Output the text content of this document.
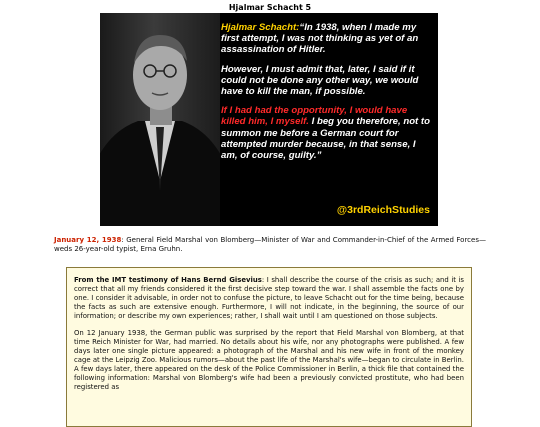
Hjalmar Schacht 5

Hjalmar Schacht:“In 1938, when I made my first attempt, I was not thinking as yet of an assassination of Hitler.

However, I must admit that, later, I said if it could not be done any other way, we would have to kill the man, if possible.

If I had had the opportunity, I would have killed him, I myself. I beg you therefore, not to summon me before a German court for attempted murder because, in that sense, I am, of course, guilty.”

@3rdReichStudies

January 12, 1938: General Field Marshal von Blomberg—Minister of War and Commander-in-Chief of the Armed Forces—weds 26-year-old typist, Erna Gruhn.

From the IMT testimony of Hans Bernd Gisevius: I shall describe the course of the crisis as such; and it is correct that all my friends considered it the first decisive step toward the war. I shall assemble the facts one by one. I consider it advisable, in order not to confuse the picture, to leave Schacht out for the time being, because the facts as such are extensive enough. Furthermore, I will not indicate, in the beginning, the source of our information; or describe my own experiences; rather, I shall wait until I am questioned on those subjects.

On 12 January 1938, the German public was surprised by the report that Field Marshal von Blomberg, at that time Reich Minister for War, had married. No details about his wife, nor any photographs were published. A few days later one single picture appeared: a photograph of the Marshal and his new wife in front of the monkey cage at the Leipzig Zoo. Malicious rumors—about the past life of the Marshal's wife—began to circulate in Berlin. A few days later, there appeared on the desk of the Police Commissioner in Berlin, a thick file that contained the following information: Marshal von Blomberg's wife had been a previously convicted prostitute, who had been registered as
